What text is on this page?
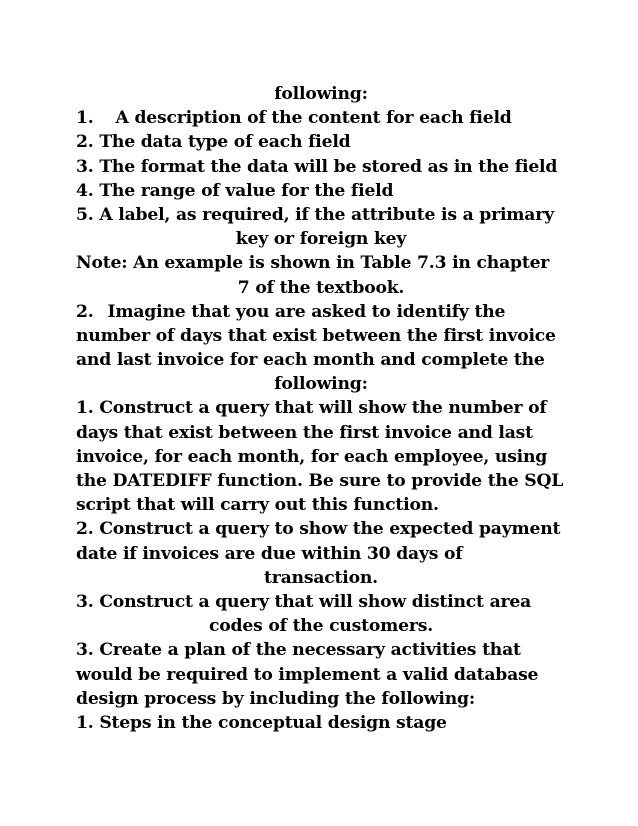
following:
1. A description of the content for each field
2. The data type of each field
3. The format the data will be stored as in the field
4. The range of value for the field
5. A label, as required, if the attribute is a primary
key or foreign key
Note: An example is shown in Table 7.3 in chapter
7 of the textbook.
2. Imagine that you are asked to identify the
number of days that exist between the first invoice
and last invoice for each month and complete the
following:
1. Construct a query that will show the number of
days that exist between the first invoice and last
invoice, for each month, for each employee, using
the DATEDIFF function. Be sure to provide the SQL
script that will carry out this function.
2. Construct a query to show the expected payment
date if invoices are due within 30 days of
transaction.
3. Construct a query that will show distinct area
codes of the customers.
3. Create a plan of the necessary activities that
would be required to implement a valid database
design process by including the following:
1. Steps in the conceptual design stage
